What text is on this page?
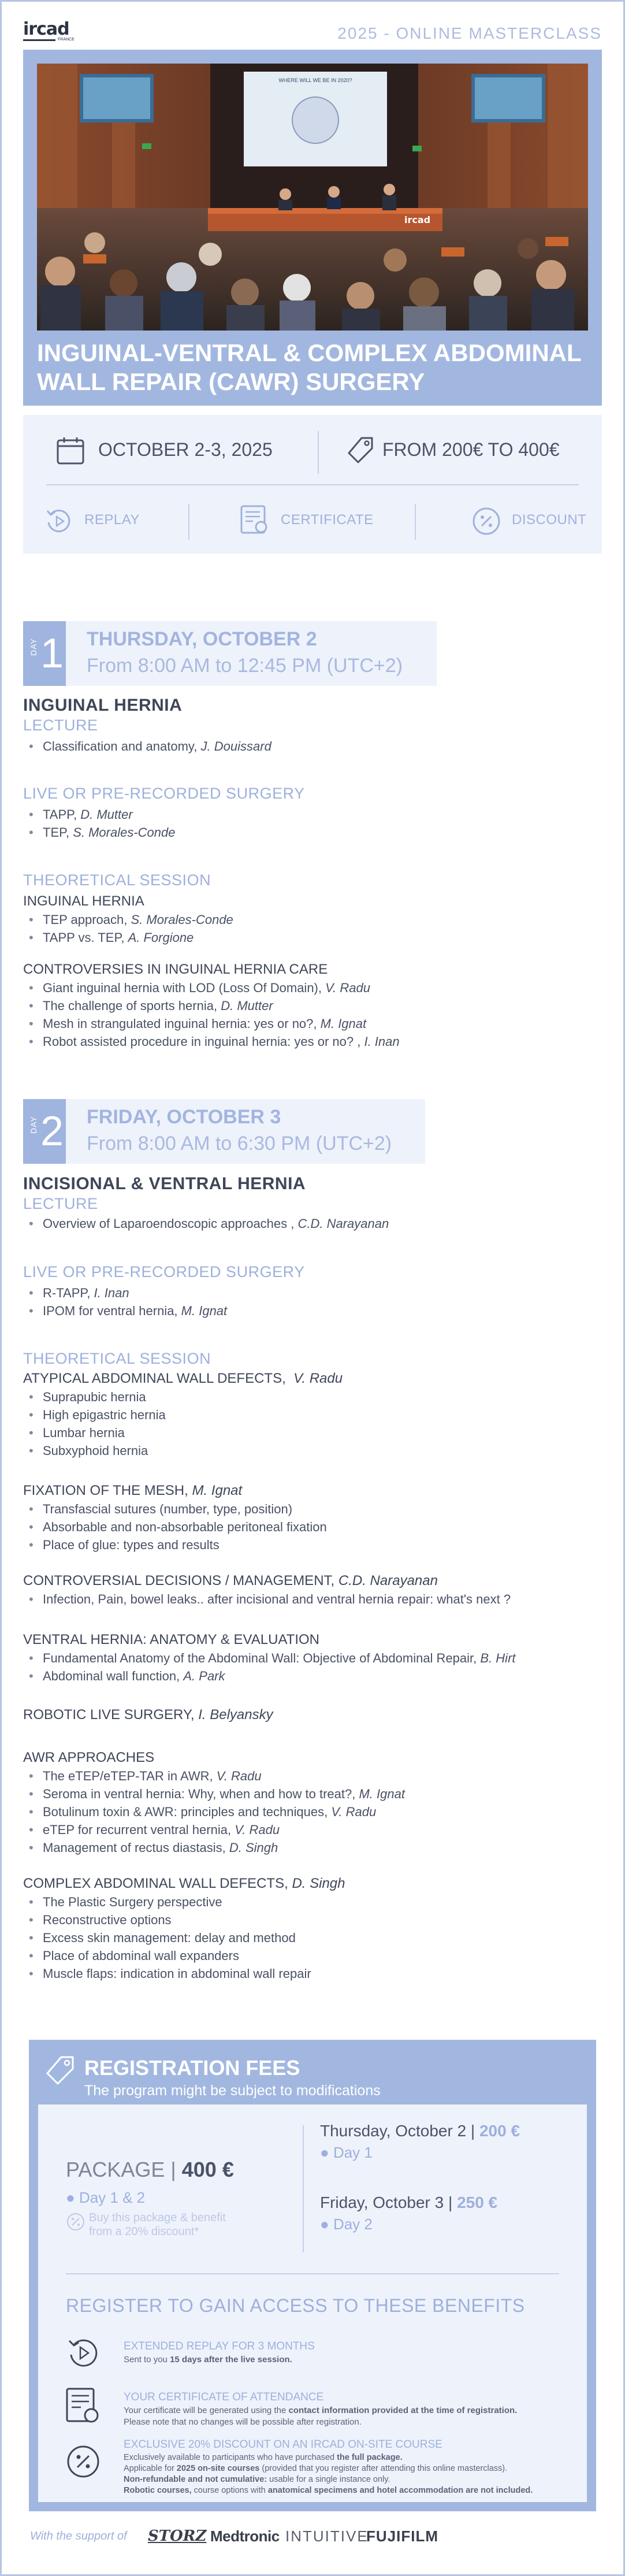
ircad
FRANCE	2025 - ONLINE MASTERCLASS
WHERE WILL WE BE IN 2020?
ircad
INGUINAL-VENTRAL & COMPLEX ABDOMINAL
WALL REPAIR (CAWR) SURGERY
OCTOBER 2-3, 2025	FROM 200€ TO 400€
REPLAY	CERTIFICATE	DISCOUNT
DAY 1 THURSDAY, OCTOBER 2
From 8:00 AM to 12:45 PM (UTC+2)
INGUINAL HERNIA
LECTURE
• Classification and anatomy, J. Douissard
LIVE OR PRE-RECORDED SURGERY
• TAPP, D. Mutter
• TEP, S. Morales-Conde
THEORETICAL SESSION
INGUINAL HERNIA
• TEP approach, S. Morales-Conde
• TAPP vs. TEP, A. Forgione
CONTROVERSIES IN INGUINAL HERNIA CARE
• Giant inguinal hernia with LOD (Loss Of Domain), V. Radu
• The challenge of sports hernia, D. Mutter
• Mesh in strangulated inguinal hernia: yes or no?, M. Ignat
• Robot assisted procedure in inguinal hernia: yes or no? , I. Inan
DAY 2 FRIDAY, OCTOBER 3
From 8:00 AM to 6:30 PM (UTC+2)
INCISIONAL & VENTRAL HERNIA
LECTURE
• Overview of Laparoendoscopic approaches , C.D. Narayanan
LIVE OR PRE-RECORDED SURGERY
• R-TAPP, I. Inan
• IPOM for ventral hernia, M. Ignat
THEORETICAL SESSION
ATYPICAL ABDOMINAL WALL DEFECTS, V. Radu
• Suprapubic hernia
• High epigastric hernia
• Lumbar hernia
• Subxyphoid hernia
FIXATION OF THE MESH, M. Ignat
• Transfascial sutures (number, type, position)
• Absorbable and non-absorbable peritoneal fixation
• Place of glue: types and results
CONTROVERSIAL DECISIONS / MANAGEMENT, C.D. Narayanan
• Infection, Pain, bowel leaks.. after incisional and ventral hernia repair: what's next ?
VENTRAL HERNIA: ANATOMY & EVALUATION
• Fundamental Anatomy of the Abdominal Wall: Objective of Abdominal Repair, B. Hirt
• Abdominal wall function, A. Park
ROBOTIC LIVE SURGERY, I. Belyansky
AWR APPROACHES
• The eTEP/eTEP-TAR in AWR, V. Radu
• Seroma in ventral hernia: Why, when and how to treat?, M. Ignat
• Botulinum toxin & AWR: principles and techniques, V. Radu
• eTEP for recurrent ventral hernia, V. Radu
• Management of rectus diastasis, D. Singh
COMPLEX ABDOMINAL WALL DEFECTS, D. Singh
• The Plastic Surgery perspective
• Reconstructive options
• Excess skin management: delay and method
• Place of abdominal wall expanders
• Muscle flaps: indication in abdominal wall repair
REGISTRATION FEES
The program might be subject to modifications
PACKAGE | 400 €
● Day 1 & 2
Buy this package & benefit
from a 20% discount*
Thursday, October 2 | 200 €
● Day 1
Friday, October 3 | 250 €
● Day 2
REGISTER TO GAIN ACCESS TO THESE BENEFITS
EXTENDED REPLAY FOR 3 MONTHS
Sent to you 15 days after the live session.
YOUR CERTIFICATE OF ATTENDANCE
Your certificate will be generated using the contact information provided at the time of registration.
Please note that no changes will be possible after registration.
EXCLUSIVE 20% DISCOUNT ON AN IRCAD ON-SITE COURSE
Exclusively available to participants who have purchased the full package.
Applicable for 2025 on-site courses (provided that you register after attending this online masterclass).
Non-refundable and not cumulative: usable for a single instance only.
Robotic courses, course options with anatomical specimens and hotel accommodation are not included.
With the support of STORZ Medtronic INTUITIVE
FUJIFILM
